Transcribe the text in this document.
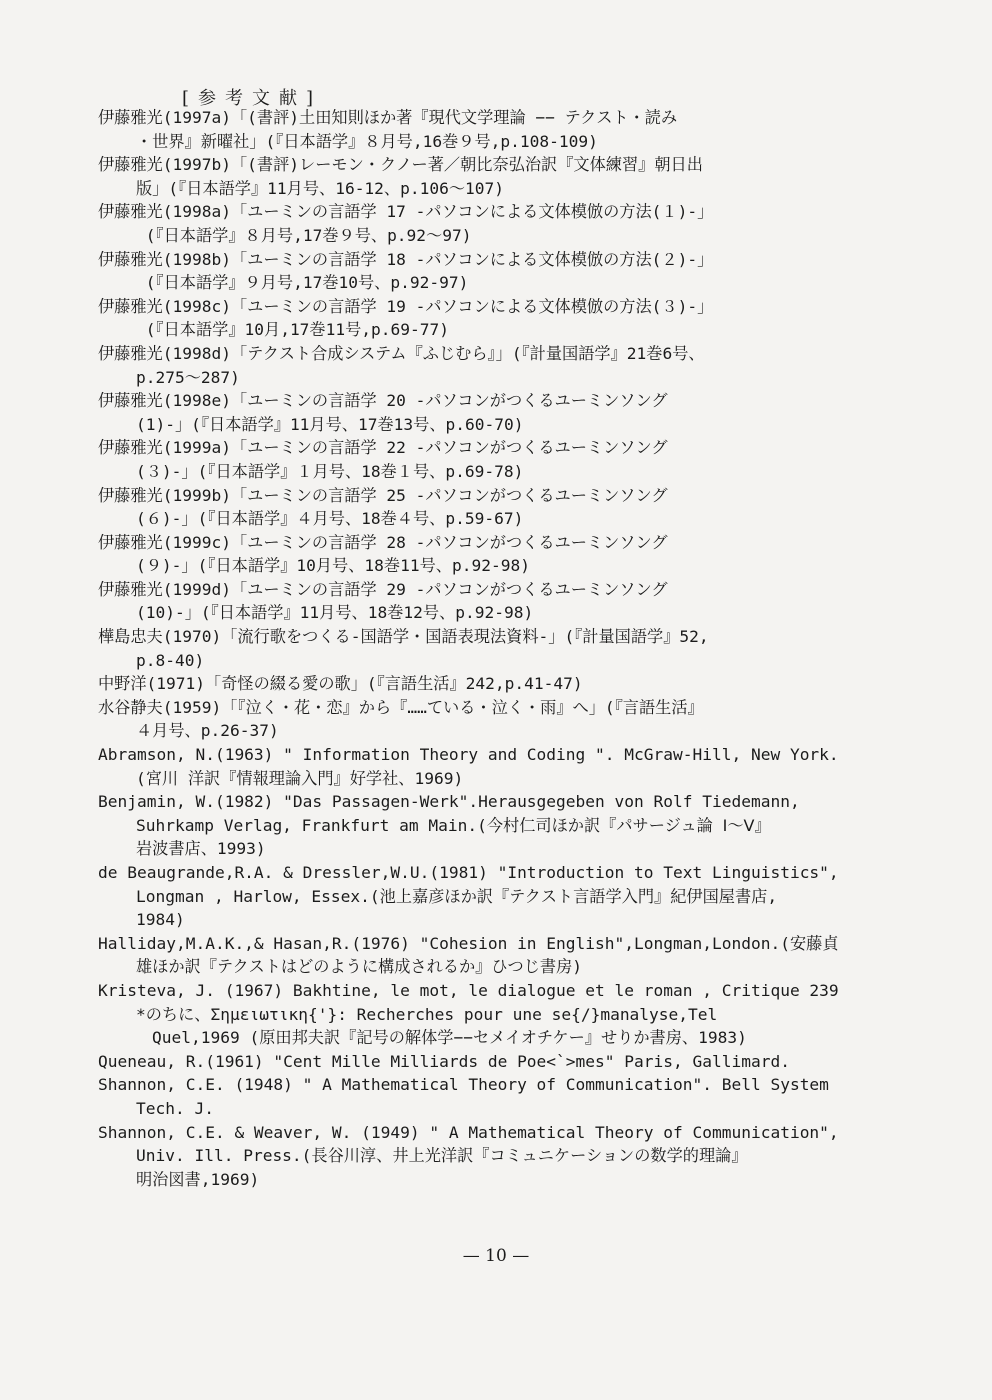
[参考文献]
伊藤雅光(1997a)「(書評)土田知則ほか著『現代文学理論 −− テクスト・読み
・世界』新曜社」(『日本語学』８月号,16巻９号,p.108-109)
伊藤雅光(1997b)「(書評)レーモン・クノー著／朝比奈弘治訳『文体練習』朝日出
版」(『日本語学』11月号、16-12、p.106〜107)
伊藤雅光(1998a)「ユーミンの言語学 17 -パソコンによる文体模倣の方法(１)-」
(『日本語学』８月号,17巻９号、p.92〜97)
伊藤雅光(1998b)「ユーミンの言語学 18 -パソコンによる文体模倣の方法(２)-」
(『日本語学』９月号,17巻10号、p.92-97)
伊藤雅光(1998c)「ユーミンの言語学 19 -パソコンによる文体模倣の方法(３)-」
(『日本語学』10月,17巻11号,p.69-77)
伊藤雅光(1998d)「テクスト合成システム『ふじむら』」(『計量国語学』21巻6号、
p.275〜287)
伊藤雅光(1998e)「ユーミンの言語学 20 -パソコンがつくるユーミンソング
(1)-」(『日本語学』11月号、17巻13号、p.60-70)
伊藤雅光(1999a)「ユーミンの言語学 22 -パソコンがつくるユーミンソング
(３)-」(『日本語学』１月号、18巻１号、p.69-78)
伊藤雅光(1999b)「ユーミンの言語学 25 -パソコンがつくるユーミンソング
(６)-」(『日本語学』４月号、18巻４号、p.59-67)
伊藤雅光(1999c)「ユーミンの言語学 28 -パソコンがつくるユーミンソング
(９)-」(『日本語学』10月号、18巻11号、p.92-98)
伊藤雅光(1999d)「ユーミンの言語学 29 -パソコンがつくるユーミンソング
(10)-」(『日本語学』11月号、18巻12号、p.92-98)
樺島忠夫(1970)「流行歌をつくる-国語学・国語表現法資料-」(『計量国語学』52,
p.8-40)
中野洋(1971)「奇怪の綴る愛の歌」(『言語生活』242,p.41-47)
水谷静夫(1959)「『泣く・花・恋』から『……ている・泣く・雨』へ」(『言語生活』
４月号、p.26-37)
Abramson, N.(1963) " Information Theory and Coding ". McGraw-Hill, New York.
(宮川 洋訳『情報理論入門』好学社、1969)
Benjamin, W.(1982) "Das Passagen-Werk".Herausgegeben von Rolf Tiedemann,
Suhrkamp Verlag, Frankfurt am Main.(今村仁司ほか訳『パサージュ論 Ⅰ〜Ⅴ』
岩波書店、1993)
de Beaugrande,R.A. & Dressler,W.U.(1981) "Introduction to Text Linguistics",
Longman , Harlow, Essex.(池上嘉彦ほか訳『テクスト言語学入門』紀伊国屋書店,
1984)
Halliday,M.A.K.,& Hasan,R.(1976) "Cohesion in English",Longman,London.(安藤貞
雄ほか訳『テクストはどのように構成されるか』ひつじ書房)
Kristeva, J. (1967) Bakhtine, le mot, le dialogue et le roman , Critique 239
*のちに、Σημειωτικη{'}: Recherches pour une se{/}manalyse,Tel
Quel,1969 (原田邦夫訳『記号の解体学−−セメイオチケー』せりか書房、1983)
Queneau, R.(1961) "Cent Mille Milliards de Poe<`>mes" Paris, Gallimard.
Shannon, C.E. (1948) " A Mathematical Theory of Communication". Bell System
Tech. J.
Shannon, C.E. & Weaver, W. (1949) " A Mathematical Theory of Communication",
Univ. Ill. Press.(長谷川淳、井上光洋訳『コミュニケーションの数学的理論』
明治図書,1969)
— 10 —
